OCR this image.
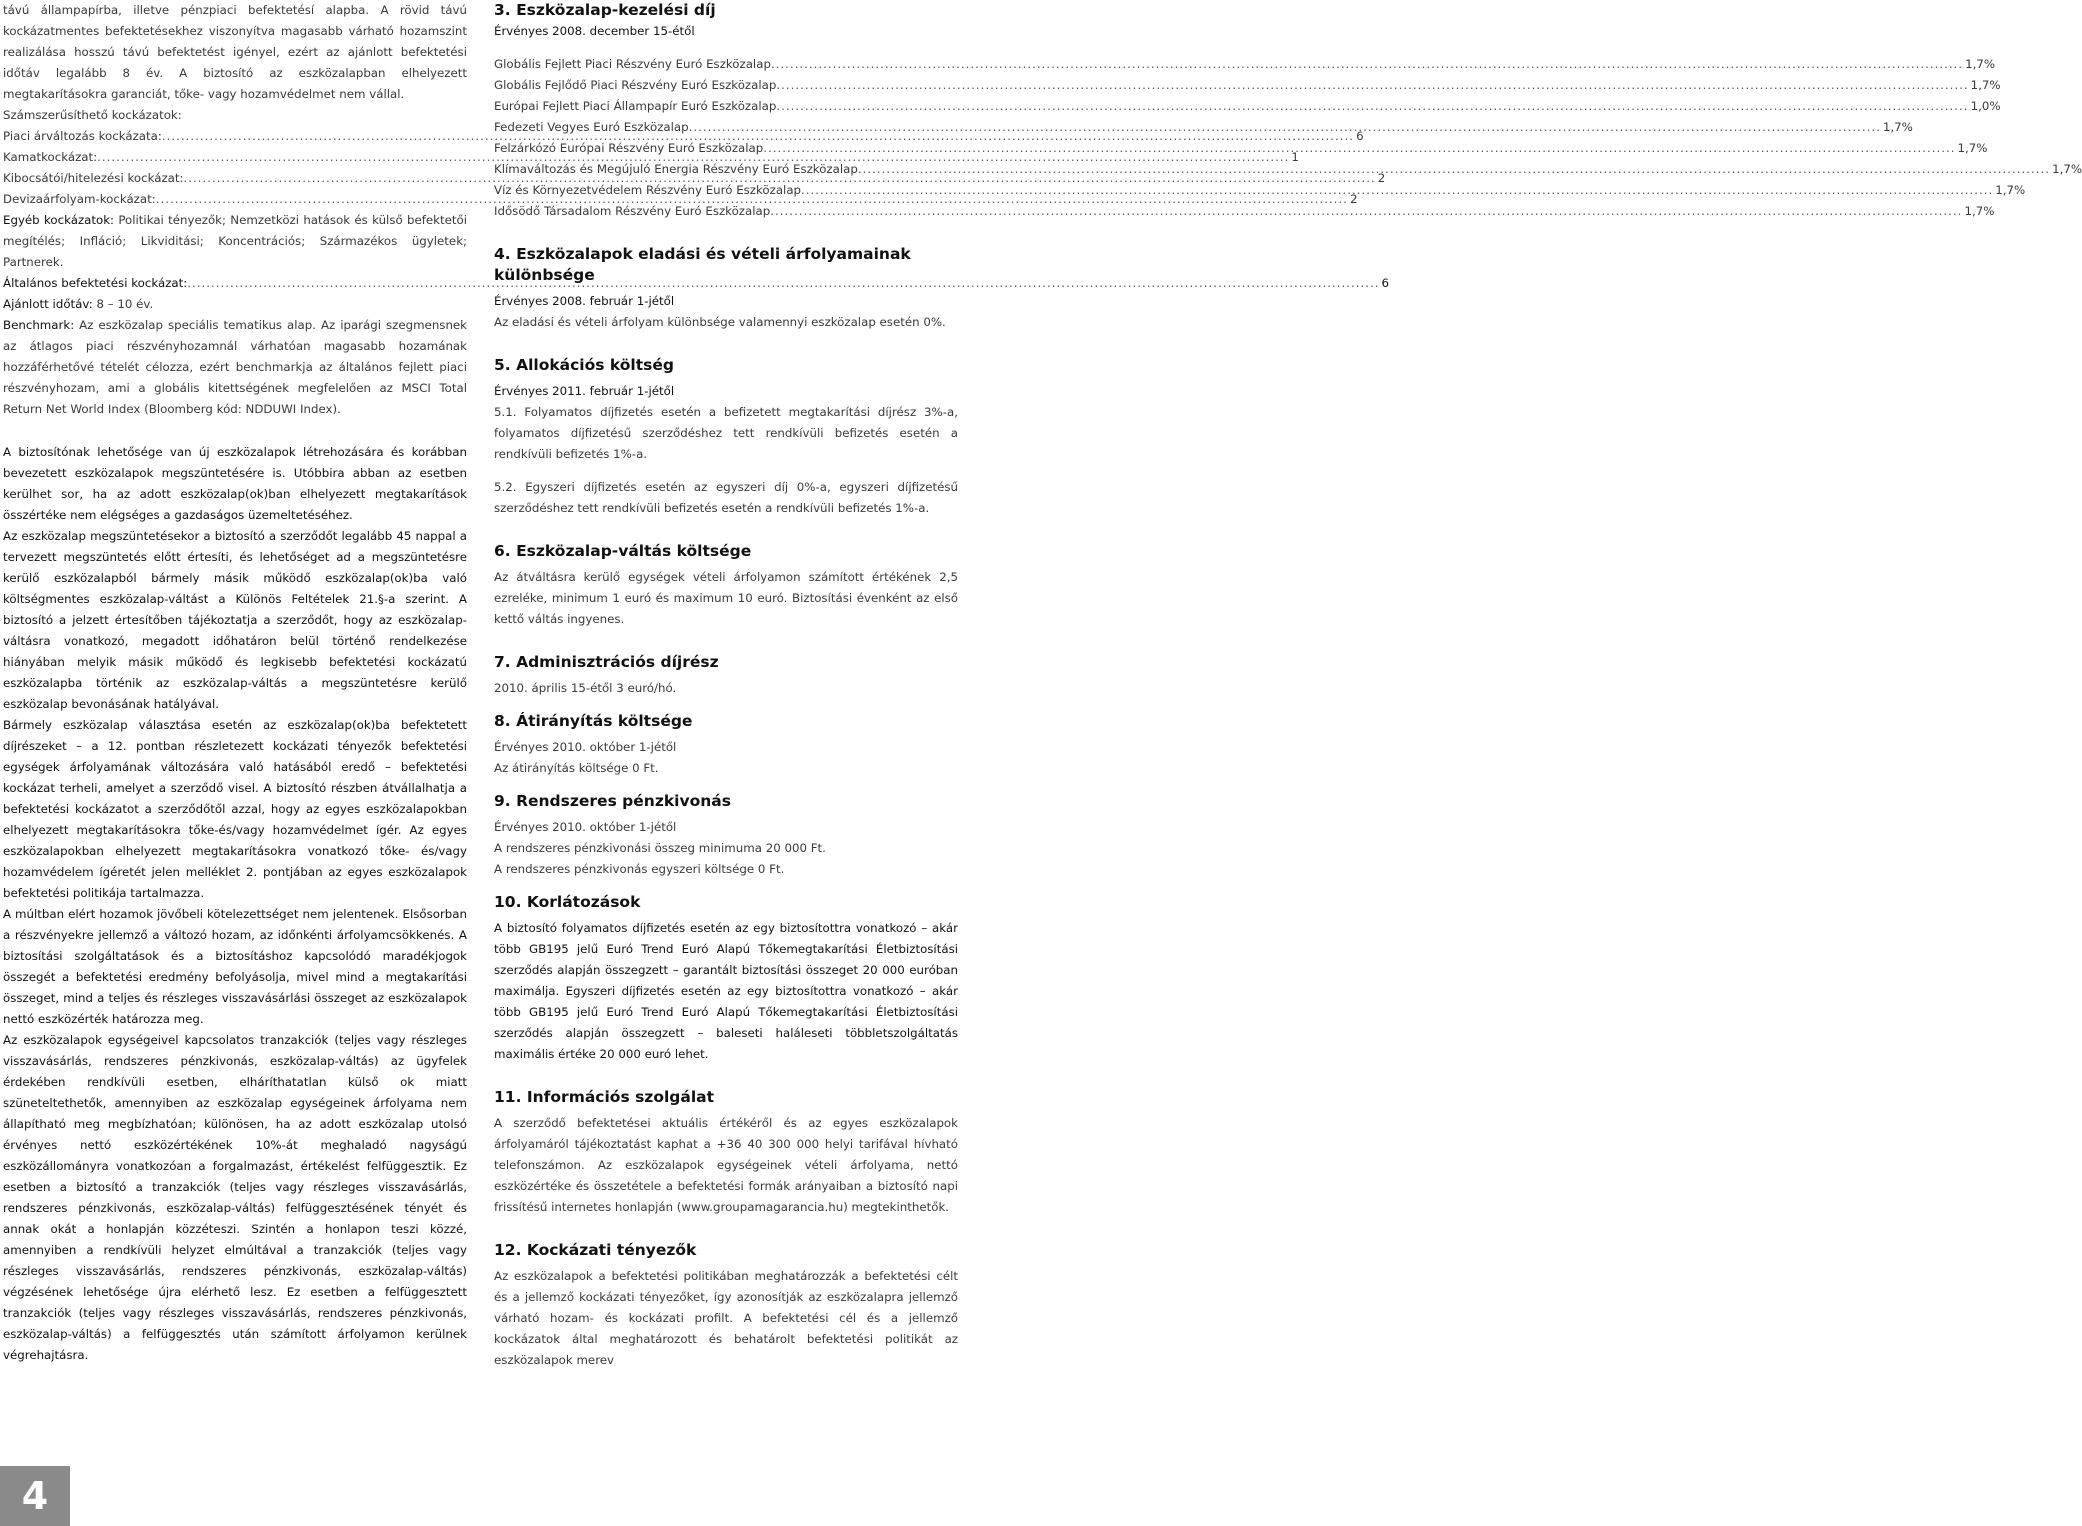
távú állampapírba, illetve pénzpiaci befektetésí alapba. A rövid távú kockázatmentes befektetésekhez viszonyítva magasabb várható hozamszint realizálása hosszú távú befektetést igényel, ezért az ajánlott befektetési időtáv legalább 8 év. A biztosító az eszközalapban elhelyezett megtakarításokra garanciát, tőke- vagy hozamvédelmet nem vállal.

Számszerűsíthető kockázatok:

Piaci árváltozás kockázata: .....	6
Kamatkockázat: .....	1
Kibocsátói/hitelezési kockázat: .....	2
Devizaárfolyam-kockázat: .....	2

Egyéb kockázatok: Politikai tényezők; Nemzetközi hatások és külső befektetői megítélés; Infláció; Likviditási; Koncentrációs; Származékos ügyletek; Partnerek.

Általános befektetési kockázat: .....	6

Ajánlott időtáv: 8 – 10 év.

Benchmark: Az eszközalap speciális tematikus alap. Az iparági szegmensnek az átlagos piaci részvényhozamnál várhatóan magasabb hozamának hozzáférhetővé tételét célozza, ezért benchmarkja az általános fejlett piaci részvényhozam, ami a globális kitettségének megfelelően az MSCI Total Return Net World Index (Bloomberg kód: NDDUWI Index).

A biztosítónak lehetősége van új eszközalapok létrehozására és korábban bevezetett eszközalapok megszüntetésére is. Utóbbira abban az esetben kerülhet sor, ha az adott eszközalap(ok)ban elhelyezett megtakarítások összértéke nem elégséges a gazdaságos üzemeltetéséhez.

Az eszközalap megszüntetésekor a biztosító a szerződőt legalább 45 nappal a tervezett megszüntetés előtt értesíti, és lehetőséget ad a megszüntetésre kerülő eszközalapból bármely másik működő eszközalap(ok)ba való költségmentes eszközalap-váltást a Különös Feltételek 21.§-a szerint. A biztosító a jelzett értesítőben tájékoztatja a szerződőt, hogy az eszközalap-váltásra vonatkozó, megadott időhatáron belül történő rendelkezése hiányában melyik másik működő és legkisebb befektetési kockázatú eszközalapba történik az eszközalap-váltás a megszüntetésre kerülő eszközalap bevonásának hatályával.

Bármely eszközalap választása esetén az eszközalap(ok)ba befektetett díjrészeket – a 12. pontban részletezett kockázati tényezők befektetési egységek árfolyamának változására való hatásából eredő – befektetési kockázat terheli, amelyet a szerződő visel. A biztosító részben átvállalhatja a befektetési kockázatot a szerződőtől azzal, hogy az egyes eszközalapokban elhelyezett megtakarításokra tőke-és/vagy hozamvédelmet ígér. Az egyes eszközalapokban elhelyezett megtakarításokra vonatkozó tőke- és/vagy hozamvédelem ígéretét jelen melléklet 2. pontjában az egyes eszközalapok befektetési politikája tartalmazza.

A múltban elért hozamok jövőbeli kötelezettséget nem jelentenek. Elsősorban a részvényekre jellemző a változó hozam, az időnkénti árfolyamcsökkenés. A biztosítási szolgáltatások és a biztosításhoz kapcsolódó maradékjogok összegét a befektetési eredmény befolyásolja, mivel mind a megtakarítási összeget, mind a teljes és részleges visszavásárlási összeget az eszközalapok nettó eszközérték határozza meg.

Az eszközalapok egységeivel kapcsolatos tranzakciók (teljes vagy részleges visszavásárlás, rendszeres pénzkivonás, eszközalap-váltás) az ügyfelek érdekében rendkívüli esetben, elháríthatatlan külső ok miatt szüneteltethetők, amennyiben az eszközalap egységeinek árfolyama nem állapítható meg megbízhatóan; különösen, ha az adott eszközalap utolsó érvényes nettó eszközértékének 10%-át meghaladó nagyságú eszközállományra vonatkozóan a forgalmazást, értékelést felfüggesztik. Ez esetben a biztosító a tranzakciók (teljes vagy részleges visszavásárlás, rendszeres pénzkivonás, eszközalap-váltás) felfüggesztésének tényét és annak okát a honlapján közzéteszi. Szintén a honlapon teszi közzé, amennyiben a rendkívüli helyzet elmúltával a tranzakciók (teljes vagy részleges visszavásárlás, rendszeres pénzkivonás, eszközalap-váltás) végzésének lehetősége újra elérhető lesz. Ez esetben a felfüggesztett tranzakciók (teljes vagy részleges visszavásárlás, rendszeres pénzkivonás, eszközalap-váltás) a felfüggesztés után számított árfolyamon kerülnek végrehajtásra.

3. Eszközalap-kezelési díj

Érvényes 2008. december 15-étől

Globális Fejlett Piaci Részvény Euró Eszközalap .....	1,7%
Globális Fejlődő Piaci Részvény Euró Eszközalap .....	1,7%
Európai Fejlett Piaci Állampapír Euró Eszközalap .....	1,0%
Fedezeti Vegyes Euró Eszközalap .....	1,7%
Felzárkózó Európai Részvény Euró Eszközalap .....	1,7%
Klímaváltozás és Megújuló Energia Részvény Euró Eszközalap .....	1,7%
Víz és Környezetvédelem Részvény Euró Eszközalap .....	1,7%
Idősödő Társadalom Részvény Euró Eszközalap .....	1,7%
4. Eszközalapok eladási és vételi árfolyamainak különbsége

Érvényes 2008. február 1-jétől

Az eladási és vételi árfolyam különbsége valamennyi eszközalap esetén 0%.

5. Allokációs költség

Érvényes 2011. február 1-jétől

5.1. Folyamatos díjfizetés esetén a befizetett megtakarítási díjrész 3%-a, folyamatos díjfizetésű szerződéshez tett rendkívüli befizetés esetén a rendkívüli befizetés 1%-a.

5.2. Egyszeri díjfizetés esetén az egyszeri díj 0%-a, egyszeri díjfizetésű szerződéshez tett rendkívüli befizetés esetén a rendkívüli befizetés 1%-a.

6. Eszközalap-váltás költsége

Az átváltásra kerülő egységek vételi árfolyamon számított értékének 2,5 ezreléke, minimum 1 euró és maximum 10 euró. Biztosítási évenként az első kettő váltás ingyenes.

7. Adminisztrációs díjrész

2010. április 15-étől 3 euró/hó.

8. Átirányítás költsége

Érvényes 2010. október 1-jétől

Az átirányítás költsége 0 Ft.

9. Rendszeres pénzkivonás

Érvényes 2010. október 1-jétől

A rendszeres pénzkivonási összeg minimuma 20 000 Ft.

A rendszeres pénzkivonás egyszeri költsége 0 Ft.

10. Korlátozások

A biztosító folyamatos díjfizetés esetén az egy biztosítottra vonatkozó – akár több GB195 jelű Euró Trend Euró Alapú Tőkemegtakarítási Életbiztosítási szerződés alapján összegzett – garantált biztosítási összeget 20 000 euróban maximálja. Egyszeri díjfizetés esetén az egy biztosítottra vonatkozó – akár több GB195 jelű Euró Trend Euró Alapú Tőkemegtakarítási Életbiztosítási szerződés alapján összegzett – baleseti haláleseti többletszolgáltatás maximális értéke 20 000 euró lehet.

11. Információs szolgálat

A szerződő befektetései aktuális értékéről és az egyes eszközalapok árfolyamáról tájékoztatást kaphat a +36 40 300 000 helyi tarifával hívható telefonszámon. Az eszközalapok egységeinek vételi árfolyama, nettó eszközértéke és összetétele a befektetési formák arányaiban a biztosító napi frissítésű internetes honlapján (www.groupamagarancia.hu) megtekinthetők.

12. Kockázati tényezők

Az eszközalapok a befektetési politikában meghatározzák a befektetési célt és a jellemző kockázati tényezőket, így azonosítják az eszközalapra jellemző várható hozam- és kockázati profilt. A befektetési cél és a jellemző kockázatok által meghatározott és behatárolt befektetési politikát az eszközalapok merev

4
